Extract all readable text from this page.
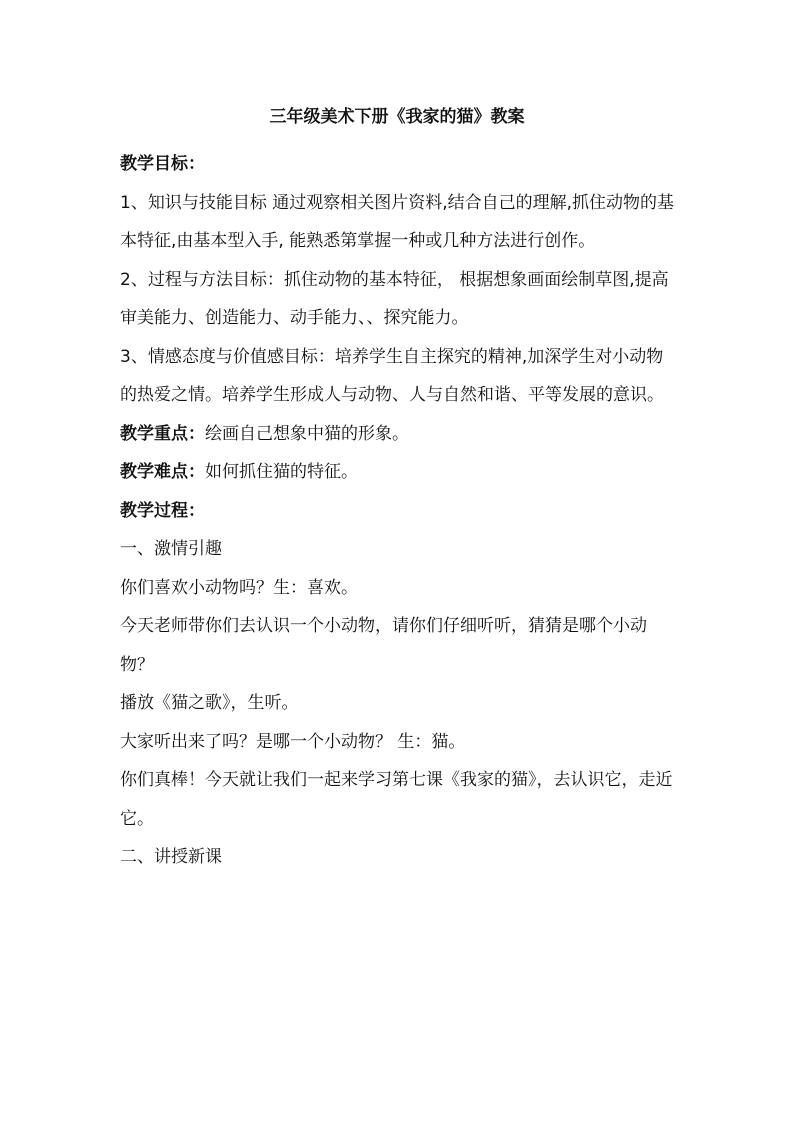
三年级美术下册《我家的猫》教案

教学目标：

1、知识与技能目标 通过观察相关图片资料,结合自己的理解,抓住动物的基本特征,由基本型入手, 能熟悉第掌握一种或几种方法进行创作。

2、过程与方法目标：抓住动物的基本特征， 根据想象画面绘制草图,提高审美能力、创造能力、动手能力、、探究能力。

3、情感态度与价值感目标：培养学生自主探究的精神,加深学生对小动物的热爱之情。培养学生形成人与动物、人与自然和谐、平等发展的意识。

教学重点：绘画自己想象中猫的形象。

教学难点：如何抓住猫的特征。

教学过程：

一、激情引趣

你们喜欢小动物吗？生：喜欢。

今天老师带你们去认识一个小动物，请你们仔细听听，猜猜是哪个小动物？

播放《猫之歌》，生听。

大家听出来了吗？是哪一个小动物？ 生：猫。

你们真棒！今天就让我们一起来学习第七课《我家的猫》，去认识它，走近它。

二、讲授新课
